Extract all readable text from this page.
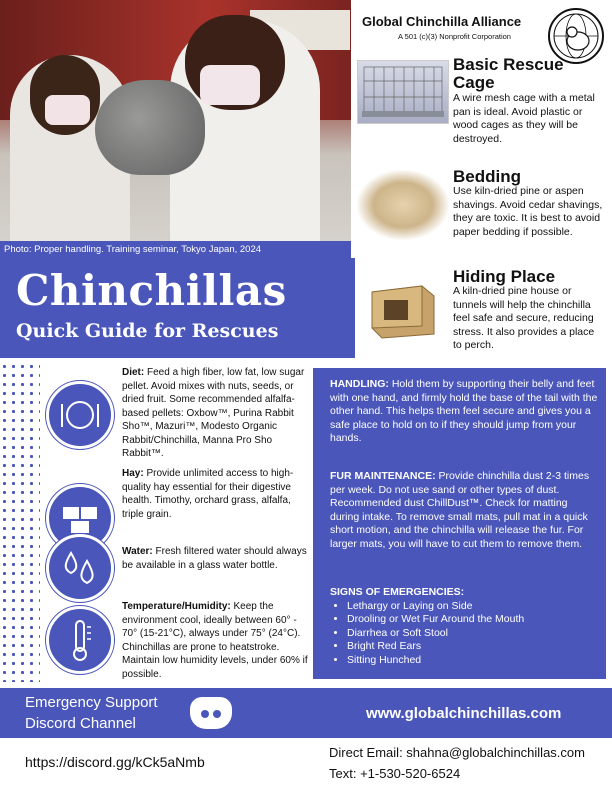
Photo: Proper handling. Training seminar, Tokyo Japan, 2024
Chinchillas
Quick Guide for Rescues
Global Chinchilla Alliance
A 501 (c)(3) Nonprofit Corporation
Basic Rescue Cage
A wire mesh cage with a metal pan is ideal. Avoid plastic or wood cages as they will be destroyed.
Bedding
Use kiln-dried pine or aspen shavings. Avoid cedar shavings, they are toxic. It is best to avoid paper bedding if possible.
Hiding Place
A kiln-dried pine house or tunnels will help the chinchilla feel safe and secure, reducing stress. It also provides a place to perch.
Diet: Feed a high fiber, low fat, low sugar pellet. Avoid mixes with nuts, seeds, or dried fruit. Some recommended alfalfa-based pellets: Oxbow™, Purina Rabbit Sho™, Mazuri™, Modesto Organic Rabbit/Chinchilla, Manna Pro Sho Rabbit™.
Hay: Provide unlimited access to high-quality hay essential for their digestive health. Timothy, orchard grass, alfalfa, triple grain.
Water: Fresh filtered water should always be available in a glass water bottle.
Temperature/Humidity: Keep the environment cool, ideally between 60° - 70° (15-21°C), always under 75° (24°C). Chinchillas are prone to heatstroke. Maintain low humidity levels, under 60% if possible.
HANDLING: Hold them by supporting their belly and feet with one hand, and firmly hold the base of the tail with the other hand. This helps them feel secure and gives you a safe place to hold on to if they should jump from your hands.
FUR MAINTENANCE: Provide chinchilla dust 2-3 times per week. Do not use sand or other types of dust. Recommended dust ChillDust™. Check for matting during intake. To remove small mats, pull mat in a quick short motion, and the chinchilla will release the fur. For larger mats, you will have to cut them to remove them.
SIGNS OF EMERGENCIES:
• Lethargy or Laying on Side
• Drooling or Wet Fur Around the Mouth
• Diarrhea or Soft Stool
• Bright Red Ears
• Sitting Hunched
Emergency Support
Discord Channel
www.globalchinchillas.com
https://discord.gg/kCk5aNmb
Direct Email: shahna@globalchinchillas.com
Text: +1-530-520-6524
